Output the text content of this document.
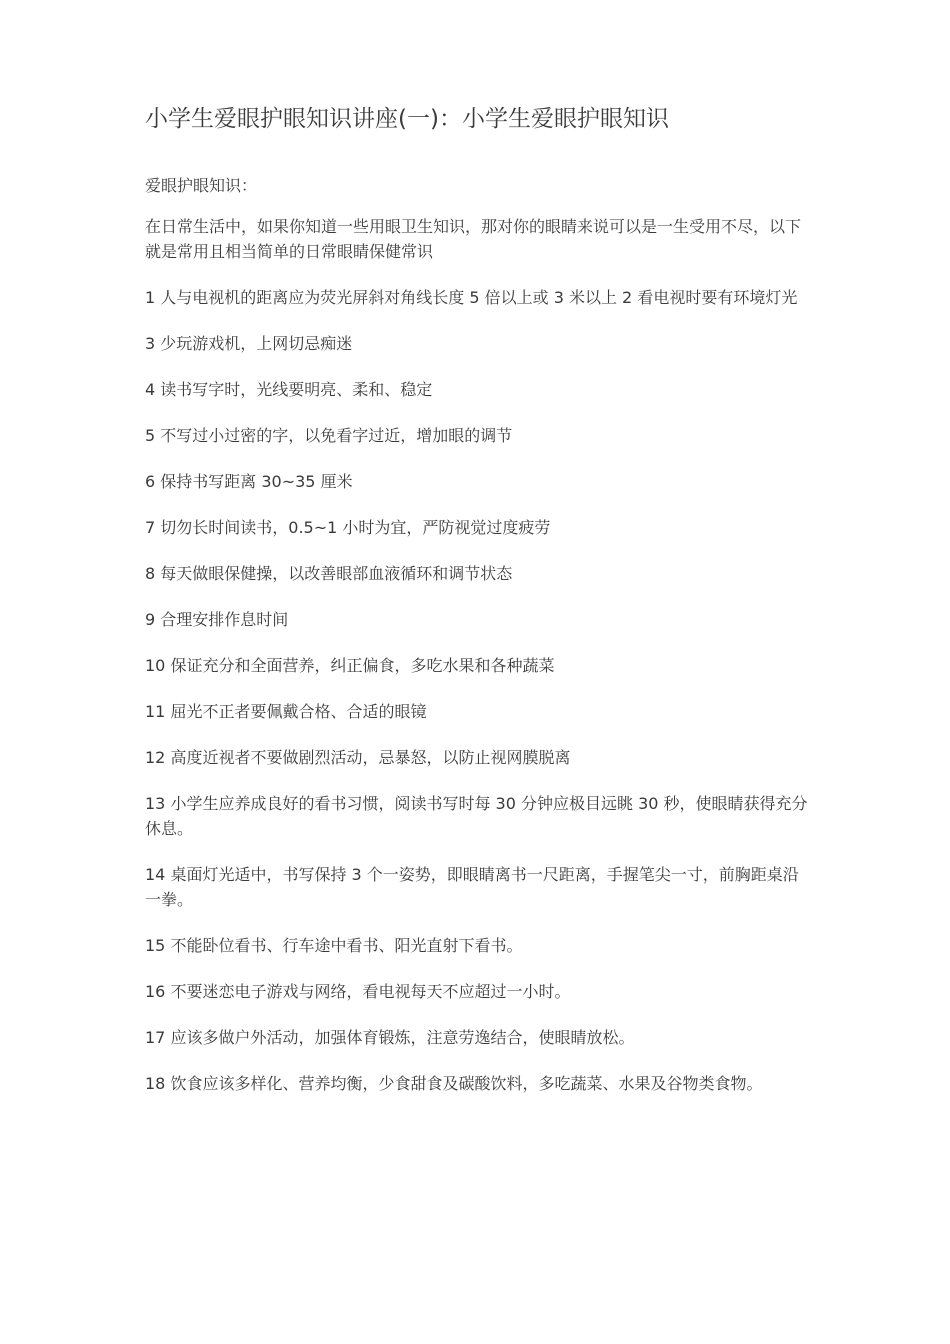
小学生爱眼护眼知识讲座(一)：小学生爱眼护眼知识

爱眼护眼知识：

在日常生活中，如果你知道一些用眼卫生知识，那对你的眼睛来说可以是一生受用不尽，以下就是常用且相当简单的日常眼睛保健常识

1 人与电视机的距离应为荧光屏斜对角线长度 5 倍以上或 3 米以上 2 看电视时要有环境灯光

3 少玩游戏机，上网切忌痴迷

4 读书写字时，光线要明亮、柔和、稳定

5 不写过小过密的字，以免看字过近，增加眼的调节

6 保持书写距离 30~35 厘米

7 切勿长时间读书，0.5~1 小时为宜，严防视觉过度疲劳

8 每天做眼保健操，以改善眼部血液循环和调节状态

9 合理安排作息时间

10 保证充分和全面营养，纠正偏食，多吃水果和各种蔬菜

11 屈光不正者要佩戴合格、合适的眼镜

12 高度近视者不要做剧烈活动，忌暴怒，以防止视网膜脱离

13 小学生应养成良好的看书习惯，阅读书写时每 30 分钟应极目远眺 30 秒，使眼睛获得充分休息。

14 桌面灯光适中，书写保持 3 个一姿势，即眼睛离书一尺距离，手握笔尖一寸，前胸距桌沿一拳。

15 不能卧位看书、行车途中看书、阳光直射下看书。

16 不要迷恋电子游戏与网络，看电视每天不应超过一小时。

17 应该多做户外活动，加强体育锻炼，注意劳逸结合，使眼睛放松。

18 饮食应该多样化、营养均衡，少食甜食及碳酸饮料，多吃蔬菜、水果及谷物类食物。
